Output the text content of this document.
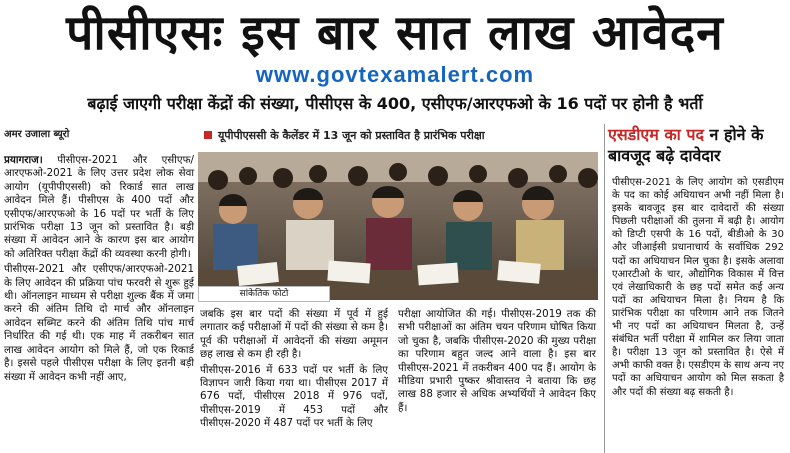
पीसीएसः इस बार सात लाख आवेदन
www.govtexamalert.com
बढ़ाई जाएगी परीक्षा केंद्रों की संख्या, पीसीएस के 400, एसीएफ/आरएफओ के 16 पदों पर होनी है भर्ती
अमर उजाला ब्यूरो

प्रयागराज। पीसीएस-2021 और एसीएफ/आरएफओ-2021 के लिए उत्तर प्रदेश लोक सेवा आयोग (यूपीपीएससी) को रिकार्ड सात लाख आवेदन मिले हैं। पीसीएस के 400 पदों और एसीएफ/आरएफओ के 16 पदों पर भर्ती के लिए प्रारंभिक परीक्षा 13 जून को प्रस्तावित है। बड़ी संख्या में आवेदन आने के कारण इस बार आयोग को अतिरिक्त परीक्षा केंद्रों की व्यवस्था करनी होगी।

पीसीएस-2021 और एसीएफ/आरएफओ-2021 के लिए आवेदन की प्रक्रिया पांच फरवरी से शुरू हुई थी। ऑनलाइन माध्यम से परीक्षा शुल्क बैंक में जमा करने की अंतिम तिथि दो मार्च और ऑनलाइन आवेदन सब्मिट करने की अंतिम तिथि पांच मार्च निर्धारित की गई थी। एक माह में तकरीबन सात लाख आवेदन आयोग को मिले हैं, जो एक रिकार्ड है। इससे पहले पीसीएस परीक्षा के लिए इतनी बड़ी संख्या में आवेदन कभी नहीं आए,

यूपीपीएससी के कैलेंडर में 13 जून को प्रस्तावित है प्रारंभिक परीक्षा
सांकेतिक फोटो

जबकि इस बार पदों की संख्या में पूर्व में हुई लगातार कई परीक्षाओं में पदों की संख्या से कम है। पूर्व की परीक्षाओं में आवेदनों की संख्या अमूमन छह लाख से कम ही रही है।

पीसीएस-2016 में 633 पदों पर भर्ती के लिए विज्ञापन जारी किया गया था। पीसीएस 2017 में 676 पदों, पीसीएस 2018 में 976 पदों, पीसीएस-2019 में 453 पदों और पीसीएस-2020 में 487 पदों पर भर्ती के लिए

परीक्षा आयोजित की गई। पीसीएस-2019 तक की सभी परीक्षाओं का अंतिम चयन परिणाम घोषित किया जो चुका है, जबकि पीसीएस-2020 की मुख्य परीक्षा का परिणाम बहुत जल्द आने वाला है। इस बार पीसीएस-2021 में तकरीबन 400 पद हैं। आयोग के मीडिया प्रभारी पुष्कर श्रीवास्तव ने बताया कि छह लाख 88 हजार से अधिक अभ्यर्थियों ने आवेदन किए हैं।

एसडीएम का पद न होने के बावजूद बढ़े दावेदार
पीसीएस-2021 के लिए आयोग को एसडीएम के पद का कोई अधियाचन अभी नहीं मिला है। इसके बावजूद इस बार दावेदारों की संख्या पिछली परीक्षाओं की तुलना में बढ़ी है। आयोग को डिप्टी एसपी के 16 पदों, बीडीओ के 30 और जीआईसी प्रधानाचार्य के सर्वाधिक 292 पदों का अधियाचन मिल चुका है। इसके अलावा एआरटीओ के चार, औद्योगिक विकास में वित्त एवं लेखाधिकारी के छह पदों समेत कई अन्य पदों का अधियाचन मिला है। नियम है कि प्रारंभिक परीक्षा का परिणाम आने तक जितने भी नए पदों का अधियाचन मिलता है, उन्हें संबंधित भर्ती परीक्षा में शामिल कर लिया जाता है। परीक्षा 13 जून को प्रस्तावित है। ऐसे में अभी काफी वक्त है। एसडीएम के साथ अन्य नए पदों का अधियाचन आयोग को मिल सकता है और पदों की संख्या बढ़ सकती है।
